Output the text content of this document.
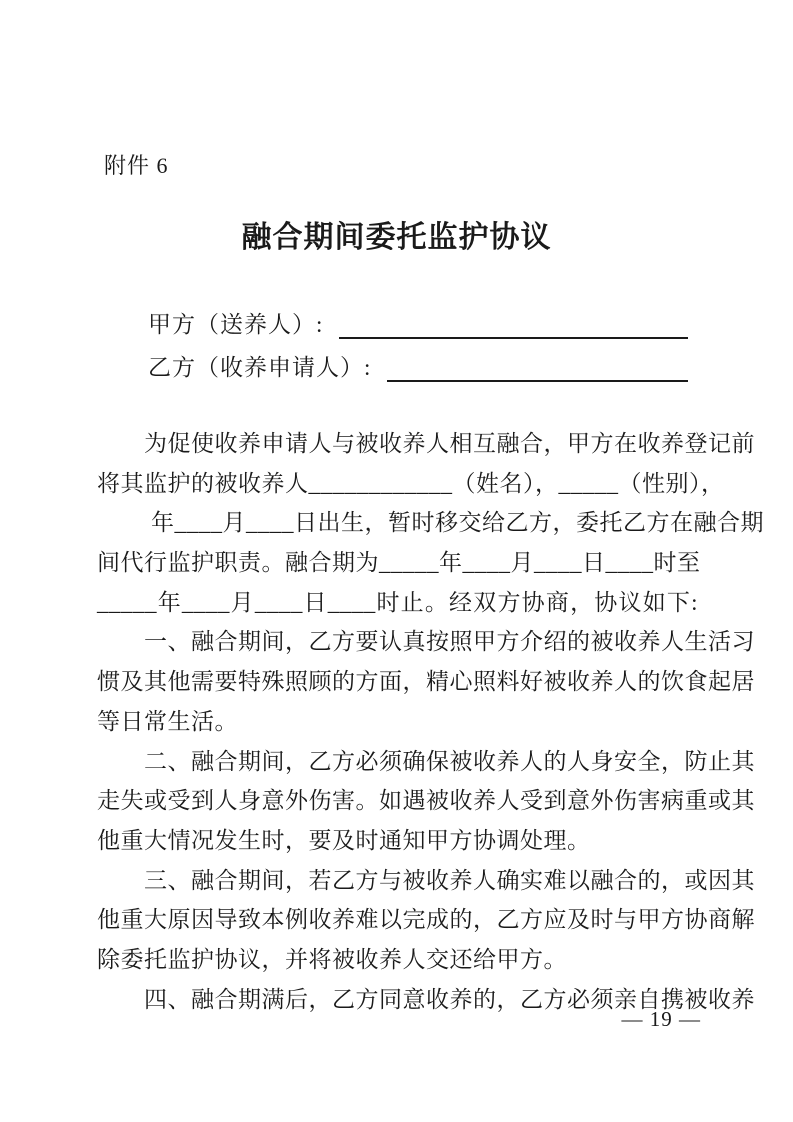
附件 6
融合期间委托监护协议
甲方（送养人）:
乙方（收养申请人）:
为促使收养申请人与被收养人相互融合，甲方在收养登记前
将其监护的被收养人____________（姓名），_____（性别），
年____月____日出生，暂时移交给乙方，委托乙方在融合期
间代行监护职责。融合期为_____年____月____日____时至
_____年____月____日____时止。经双方协商，协议如下:
一、融合期间，乙方要认真按照甲方介绍的被收养人生活习
惯及其他需要特殊照顾的方面，精心照料好被收养人的饮食起居
等日常生活。
二、融合期间，乙方必须确保被收养人的人身安全，防止其
走失或受到人身意外伤害。如遇被收养人受到意外伤害病重或其
他重大情况发生时，要及时通知甲方协调处理。
三、融合期间，若乙方与被收养人确实难以融合的，或因其
他重大原因导致本例收养难以完成的，乙方应及时与甲方协商解
除委托监护协议，并将被收养人交还给甲方。
四、融合期满后，乙方同意收养的，乙方必须亲自携被收养
— 19 —
